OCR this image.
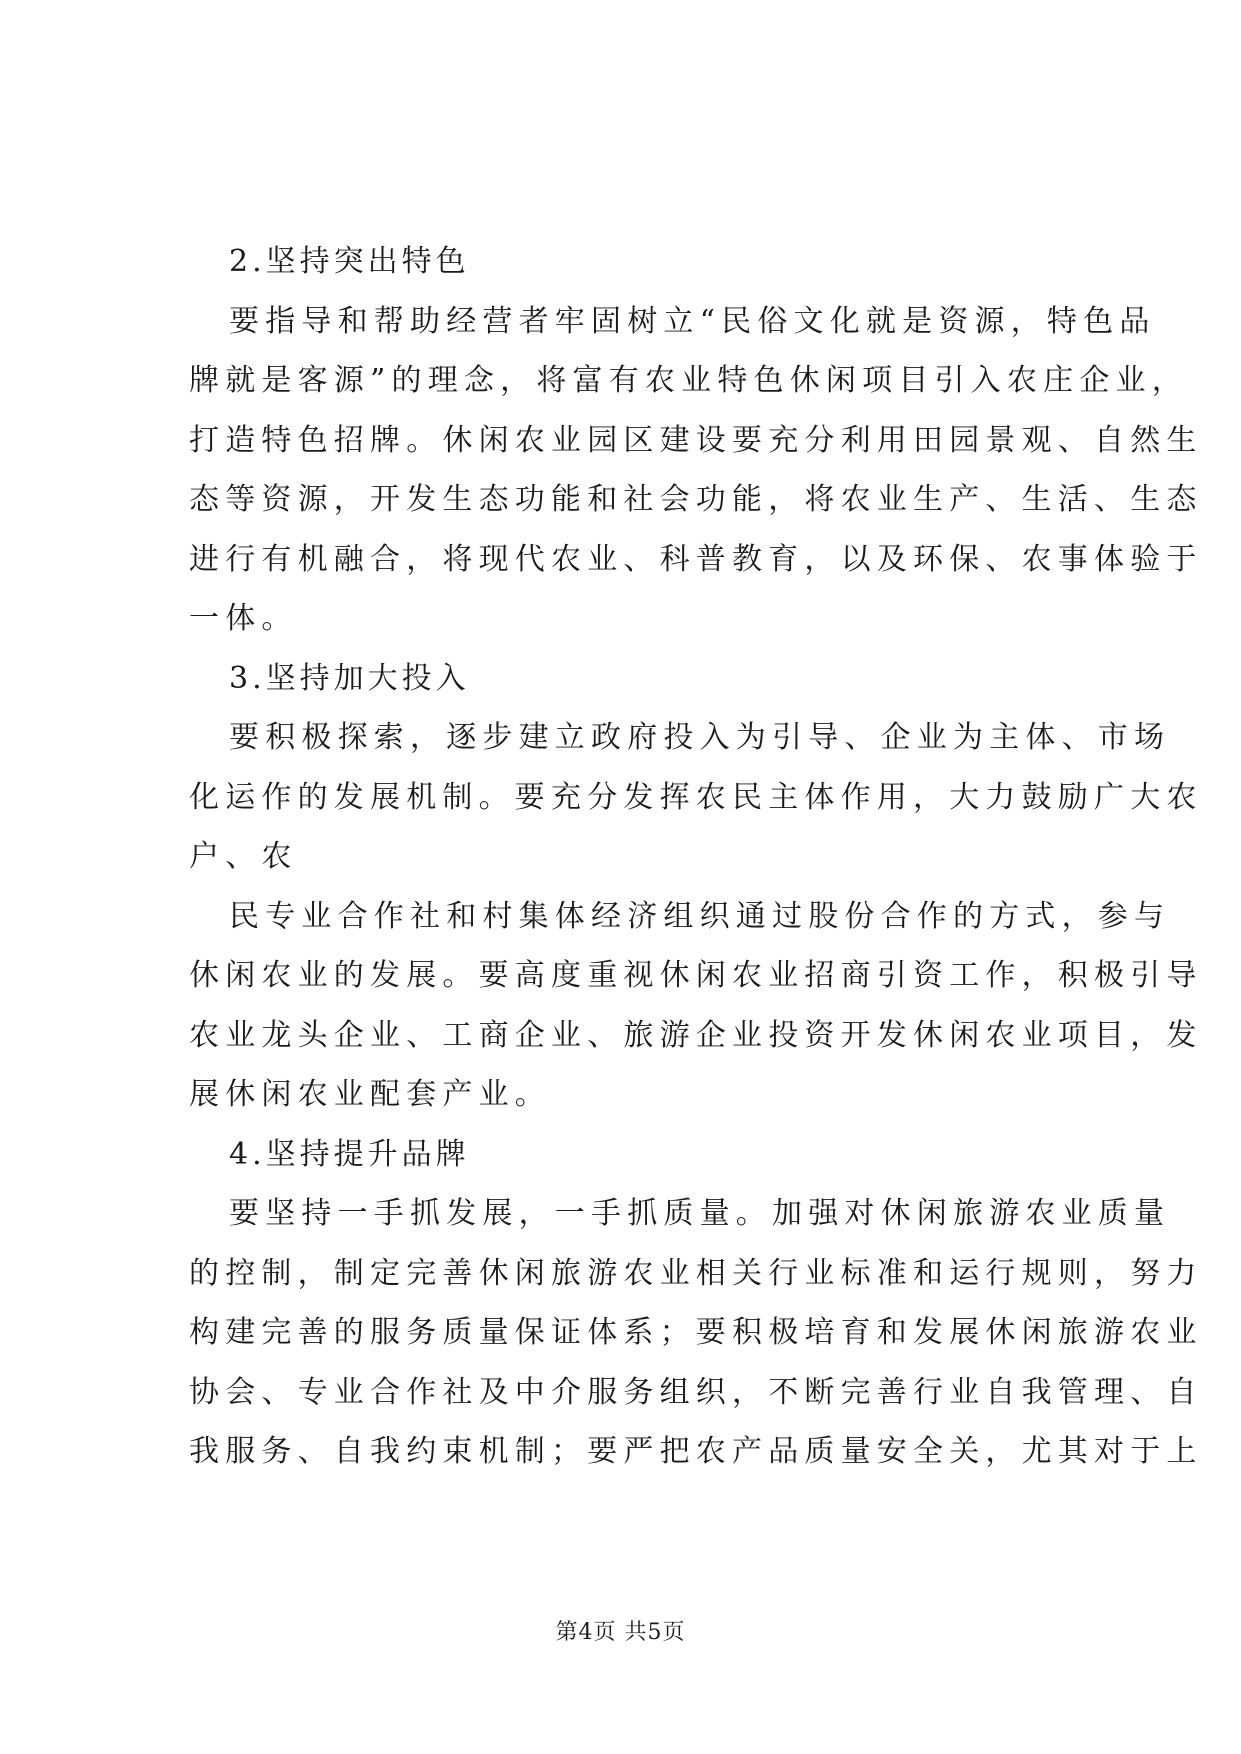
2.坚持突出特色
要指导和帮助经营者牢固树立“民俗文化就是资源，特色品
牌就是客源”的理念，将富有农业特色休闲项目引入农庄企业，
打造特色招牌。休闲农业园区建设要充分利用田园景观、自然生
态等资源，开发生态功能和社会功能，将农业生产、生活、生态
进行有机融合，将现代农业、科普教育，以及环保、农事体验于
一体。
3.坚持加大投入
要积极探索，逐步建立政府投入为引导、企业为主体、市场
化运作的发展机制。要充分发挥农民主体作用，大力鼓励广大农
户、农
民专业合作社和村集体经济组织通过股份合作的方式，参与
休闲农业的发展。要高度重视休闲农业招商引资工作，积极引导
农业龙头企业、工商企业、旅游企业投资开发休闲农业项目，发
展休闲农业配套产业。
4.坚持提升品牌
要坚持一手抓发展，一手抓质量。加强对休闲旅游农业质量
的控制，制定完善休闲旅游农业相关行业标准和运行规则，努力
构建完善的服务质量保证体系；要积极培育和发展休闲旅游农业
协会、专业合作社及中介服务组织，不断完善行业自我管理、自
我服务、自我约束机制；要严把农产品质量安全关，尤其对于上
第4页 共5页
